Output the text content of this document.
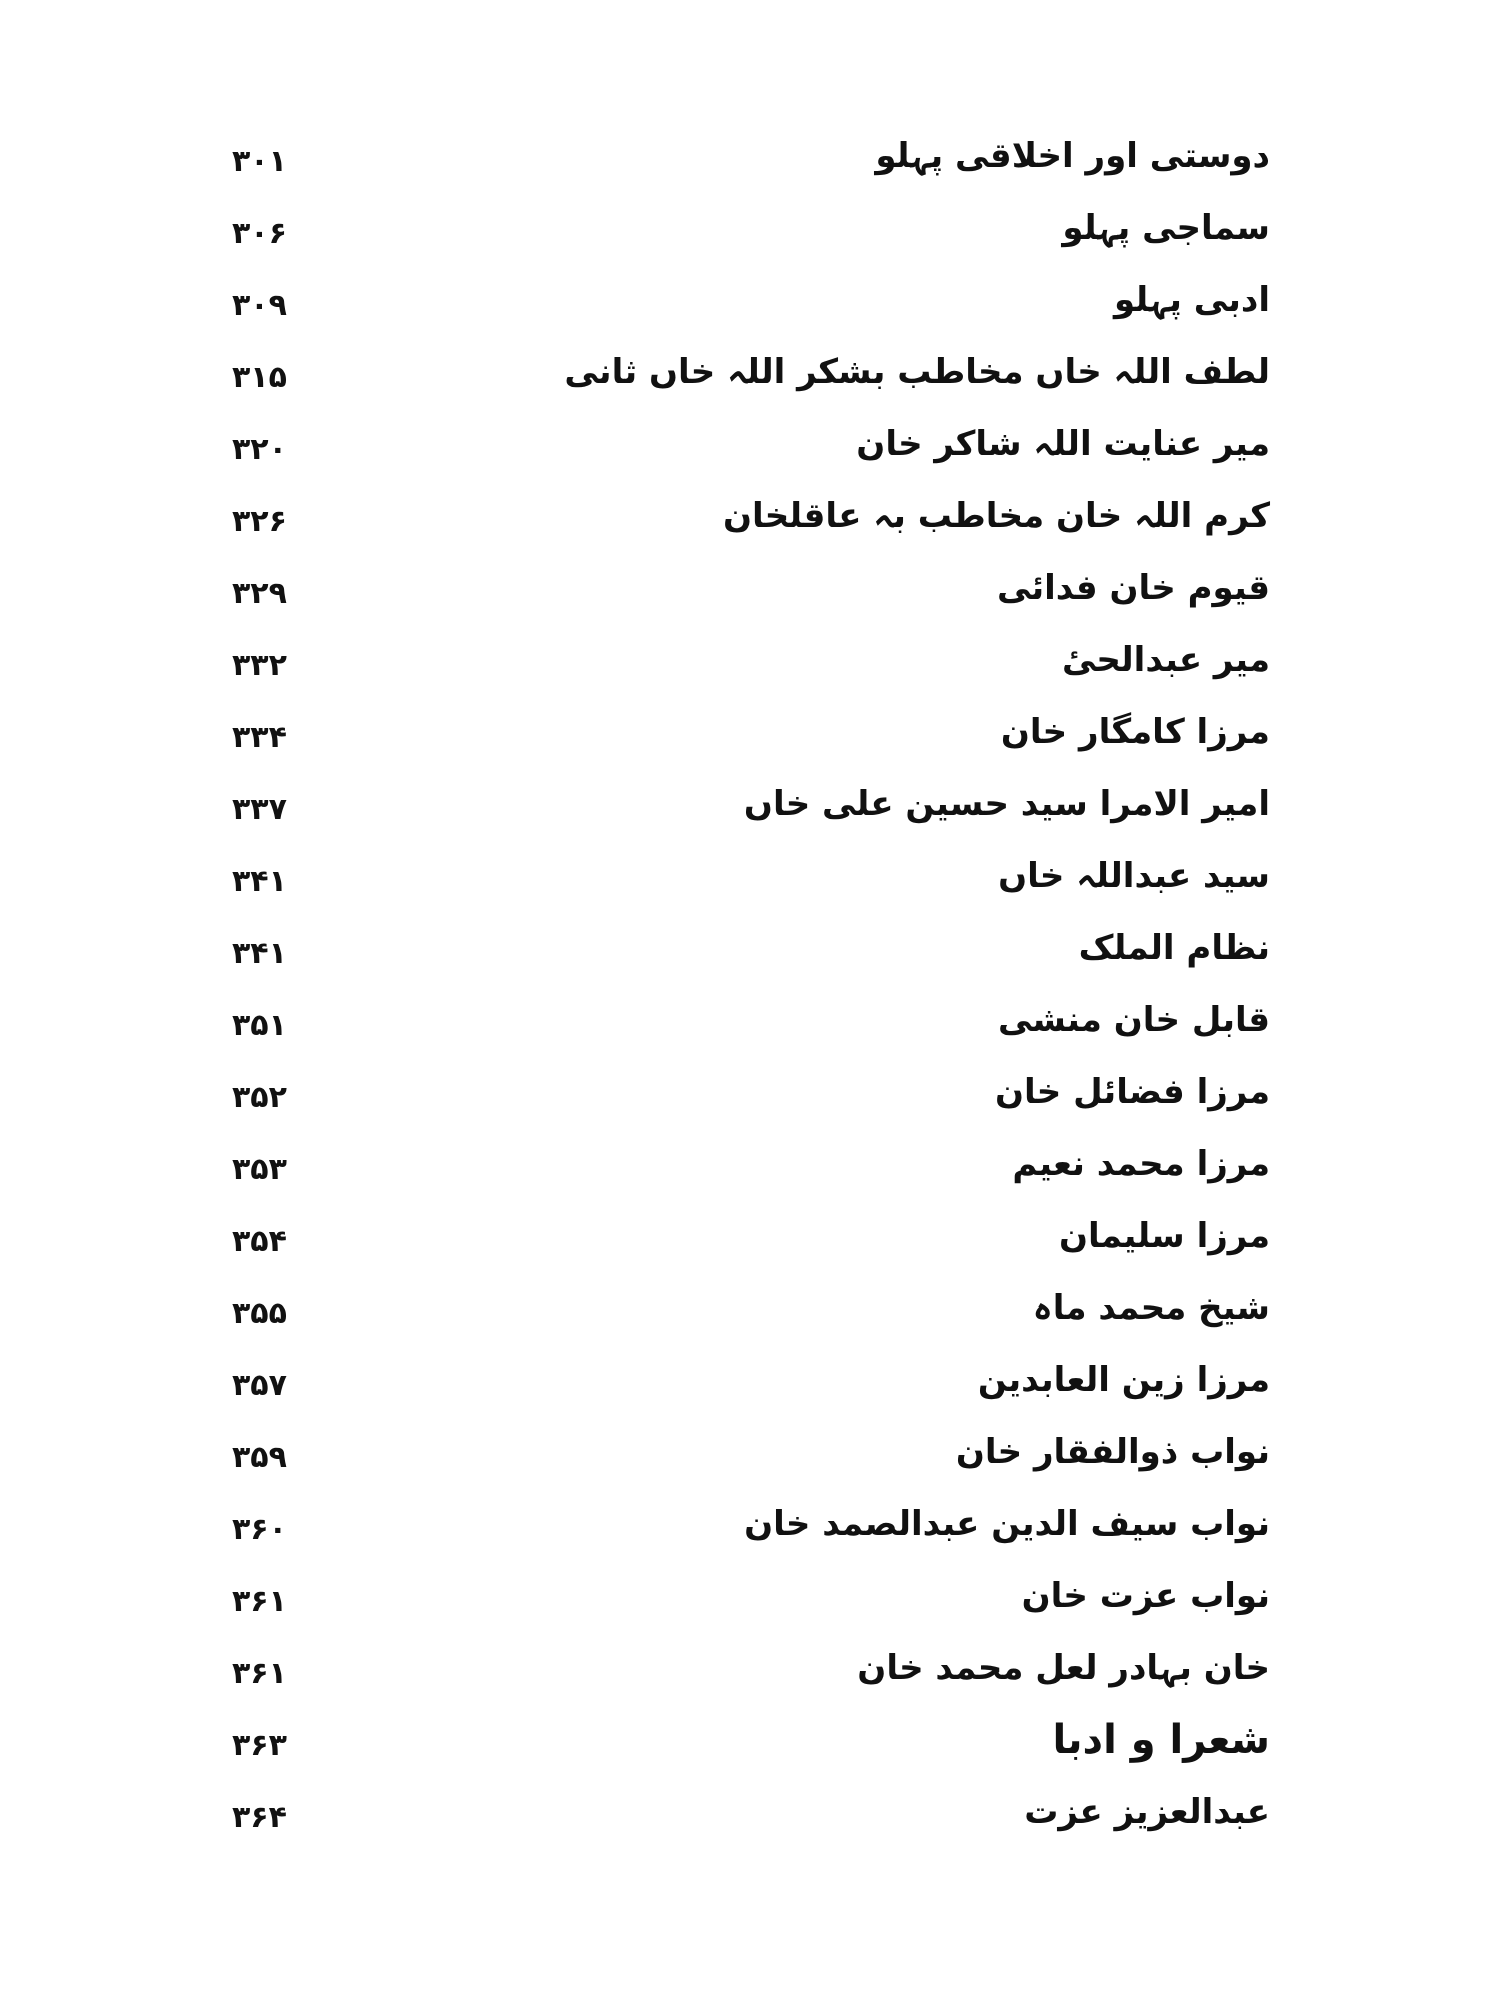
دوستی اور اخلاقی پہلو
۳۰۱
سماجی پہلو
۳۰۶
ادبی پہلو
۳۰۹
لطف اللہ خاں مخاطب بشکر اللہ خاں ثانی
۳۱۵
میر عنایت اللہ شاکر خان
۳۲۰
کرم اللہ خان مخاطب بہ عاقلخان
۳۲۶
قیوم خان فدائی
۳۲۹
میر عبدالحیٔ
۳۳۲
مرزا کامگار خان
۳۳۴
امیر الامرا سید حسین علی خاں
۳۳۷
سید عبداللہ خاں
۳۴۱
نظام الملک
۳۴۱
قابل خان منشی
۳۵۱
مرزا فضائل خان
۳۵۲
مرزا محمد نعیم
۳۵۳
مرزا سلیمان
۳۵۴
شیخ محمد ماہ
۳۵۵
مرزا زین العابدین
۳۵۷
نواب ذوالفقار خان
۳۵۹
نواب سیف الدین عبدالصمد خان
۳۶۰
نواب عزت خان
۳۶۱
خان بہادر لعل محمد خان
۳۶۱
شعرا و ادبا
۳۶۳
عبدالعزیز عزت
۳۶۴
